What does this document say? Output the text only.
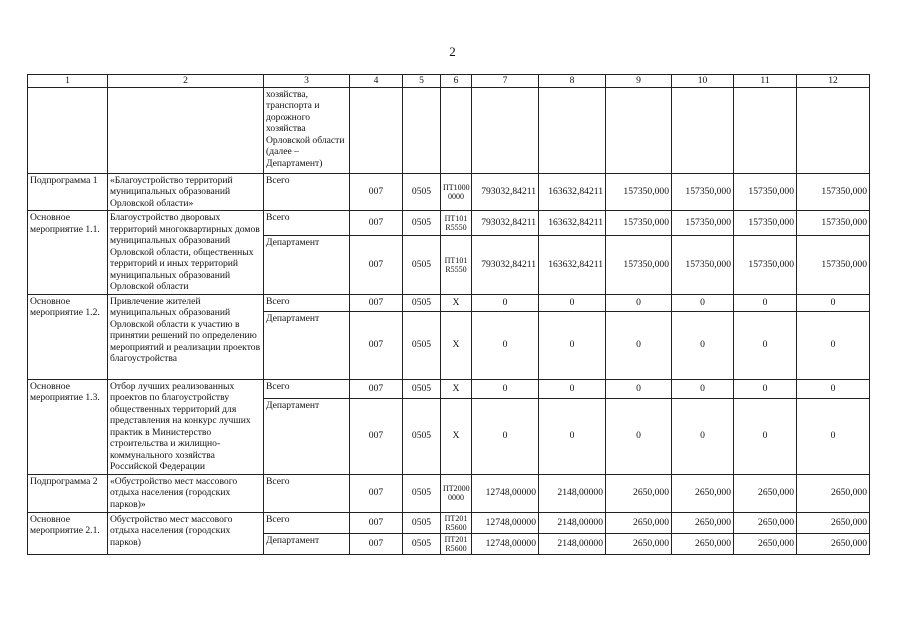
2
1	2	3	4	5	6	7	8	9	10	11	12
		хозяйства, транспорта и дорожного хозяйства Орловской области (далее – Департамент)									
Подпрограмма 1	«Благоустройство территорий муниципальных образований Орловской области»	Всего	007	0505	ПТ1000 0000	793032,84211	163632,84211	157350,000	157350,000	157350,000	157350,000
Основное мероприятие 1.1.	Благоустройство дворовых территорий многоквартирных домов муниципальных образований Орловской области, общественных территорий и иных территорий муниципальных образований Орловской области	Всего	007	0505	ПТ101 R5550	793032,84211	163632,84211	157350,000	157350,000	157350,000	157350,000
		Департамент	007	0505	ПТ101 R5550	793032,84211	163632,84211	157350,000	157350,000	157350,000	157350,000
Основное мероприятие 1.2.	Привлечение жителей муниципальных образований Орловской области к участию в принятии решений по определению мероприятий и реализации проектов благоустройства	Всего	007	0505	X	0	0	0	0	0	0
		Департамент	007	0505	X	0	0	0	0	0	0
Основное мероприятие 1.3.	Отбор лучших реализованных проектов по благоустройству общественных территорий для представления на конкурс лучших практик в Министерство строительства и жилищно-коммунального хозяйства Российской Федерации	Всего	007	0505	X	0	0	0	0	0	0
		Департамент	007	0505	X	0	0	0	0	0	0
Подпрограмма 2	«Обустройство мест массового отдыха населения (городских парков)»	Всего	007	0505	ПТ2000 0000	12748,00000	2148,00000	2650,000	2650,000	2650,000	2650,000
Основное мероприятие 2.1.	Обустройство мест массового отдыха населения (городских парков)	Всего	007	0505	ПТ201 R5600	12748,00000	2148,00000	2650,000	2650,000	2650,000	2650,000
		Департамент	007	0505	ПТ201 R5600	12748,00000	2148,00000	2650,000	2650,000	2650,000	2650,000
